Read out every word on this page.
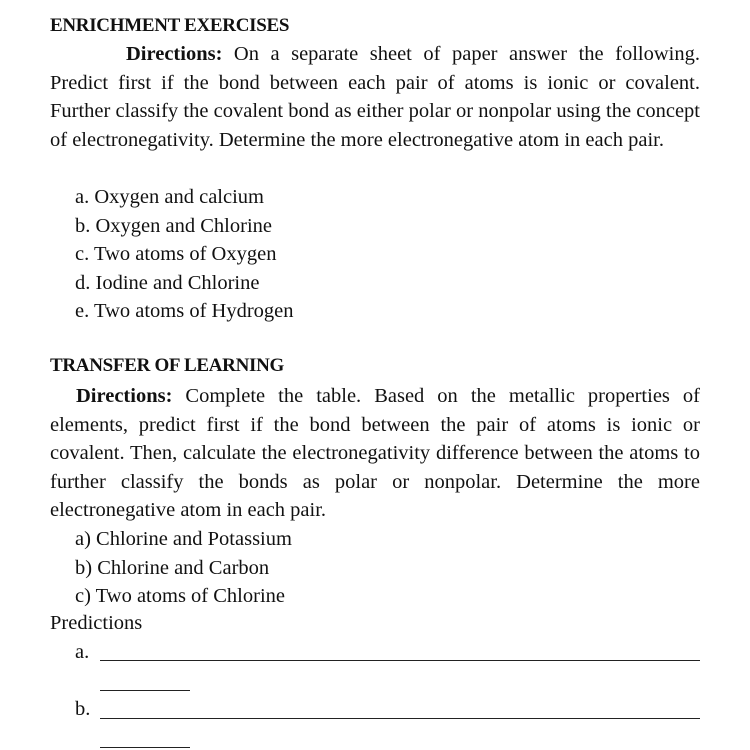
ENRICHMENT EXERCISES
Directions: On a separate sheet of paper answer the following. Predict first if the bond between each pair of atoms is ionic or covalent. Further classify the covalent bond as either polar or nonpolar using the concept of electronegativity. Determine the more electronegative atom in each pair.
a. Oxygen and calcium
b. Oxygen and Chlorine
c. Two atoms of Oxygen
d. Iodine and Chlorine
e. Two atoms of Hydrogen
TRANSFER OF LEARNING
Directions: Complete the table. Based on the metallic properties of elements, predict first if the bond between the pair of atoms is ionic or covalent. Then, calculate the electronegativity difference between the atoms to further classify the bonds as polar or nonpolar. Determine the more electronegative atom in each pair.
a) Chlorine and Potassium
b) Chlorine and Carbon
c) Two atoms of Chlorine
Predictions
a.
b.
